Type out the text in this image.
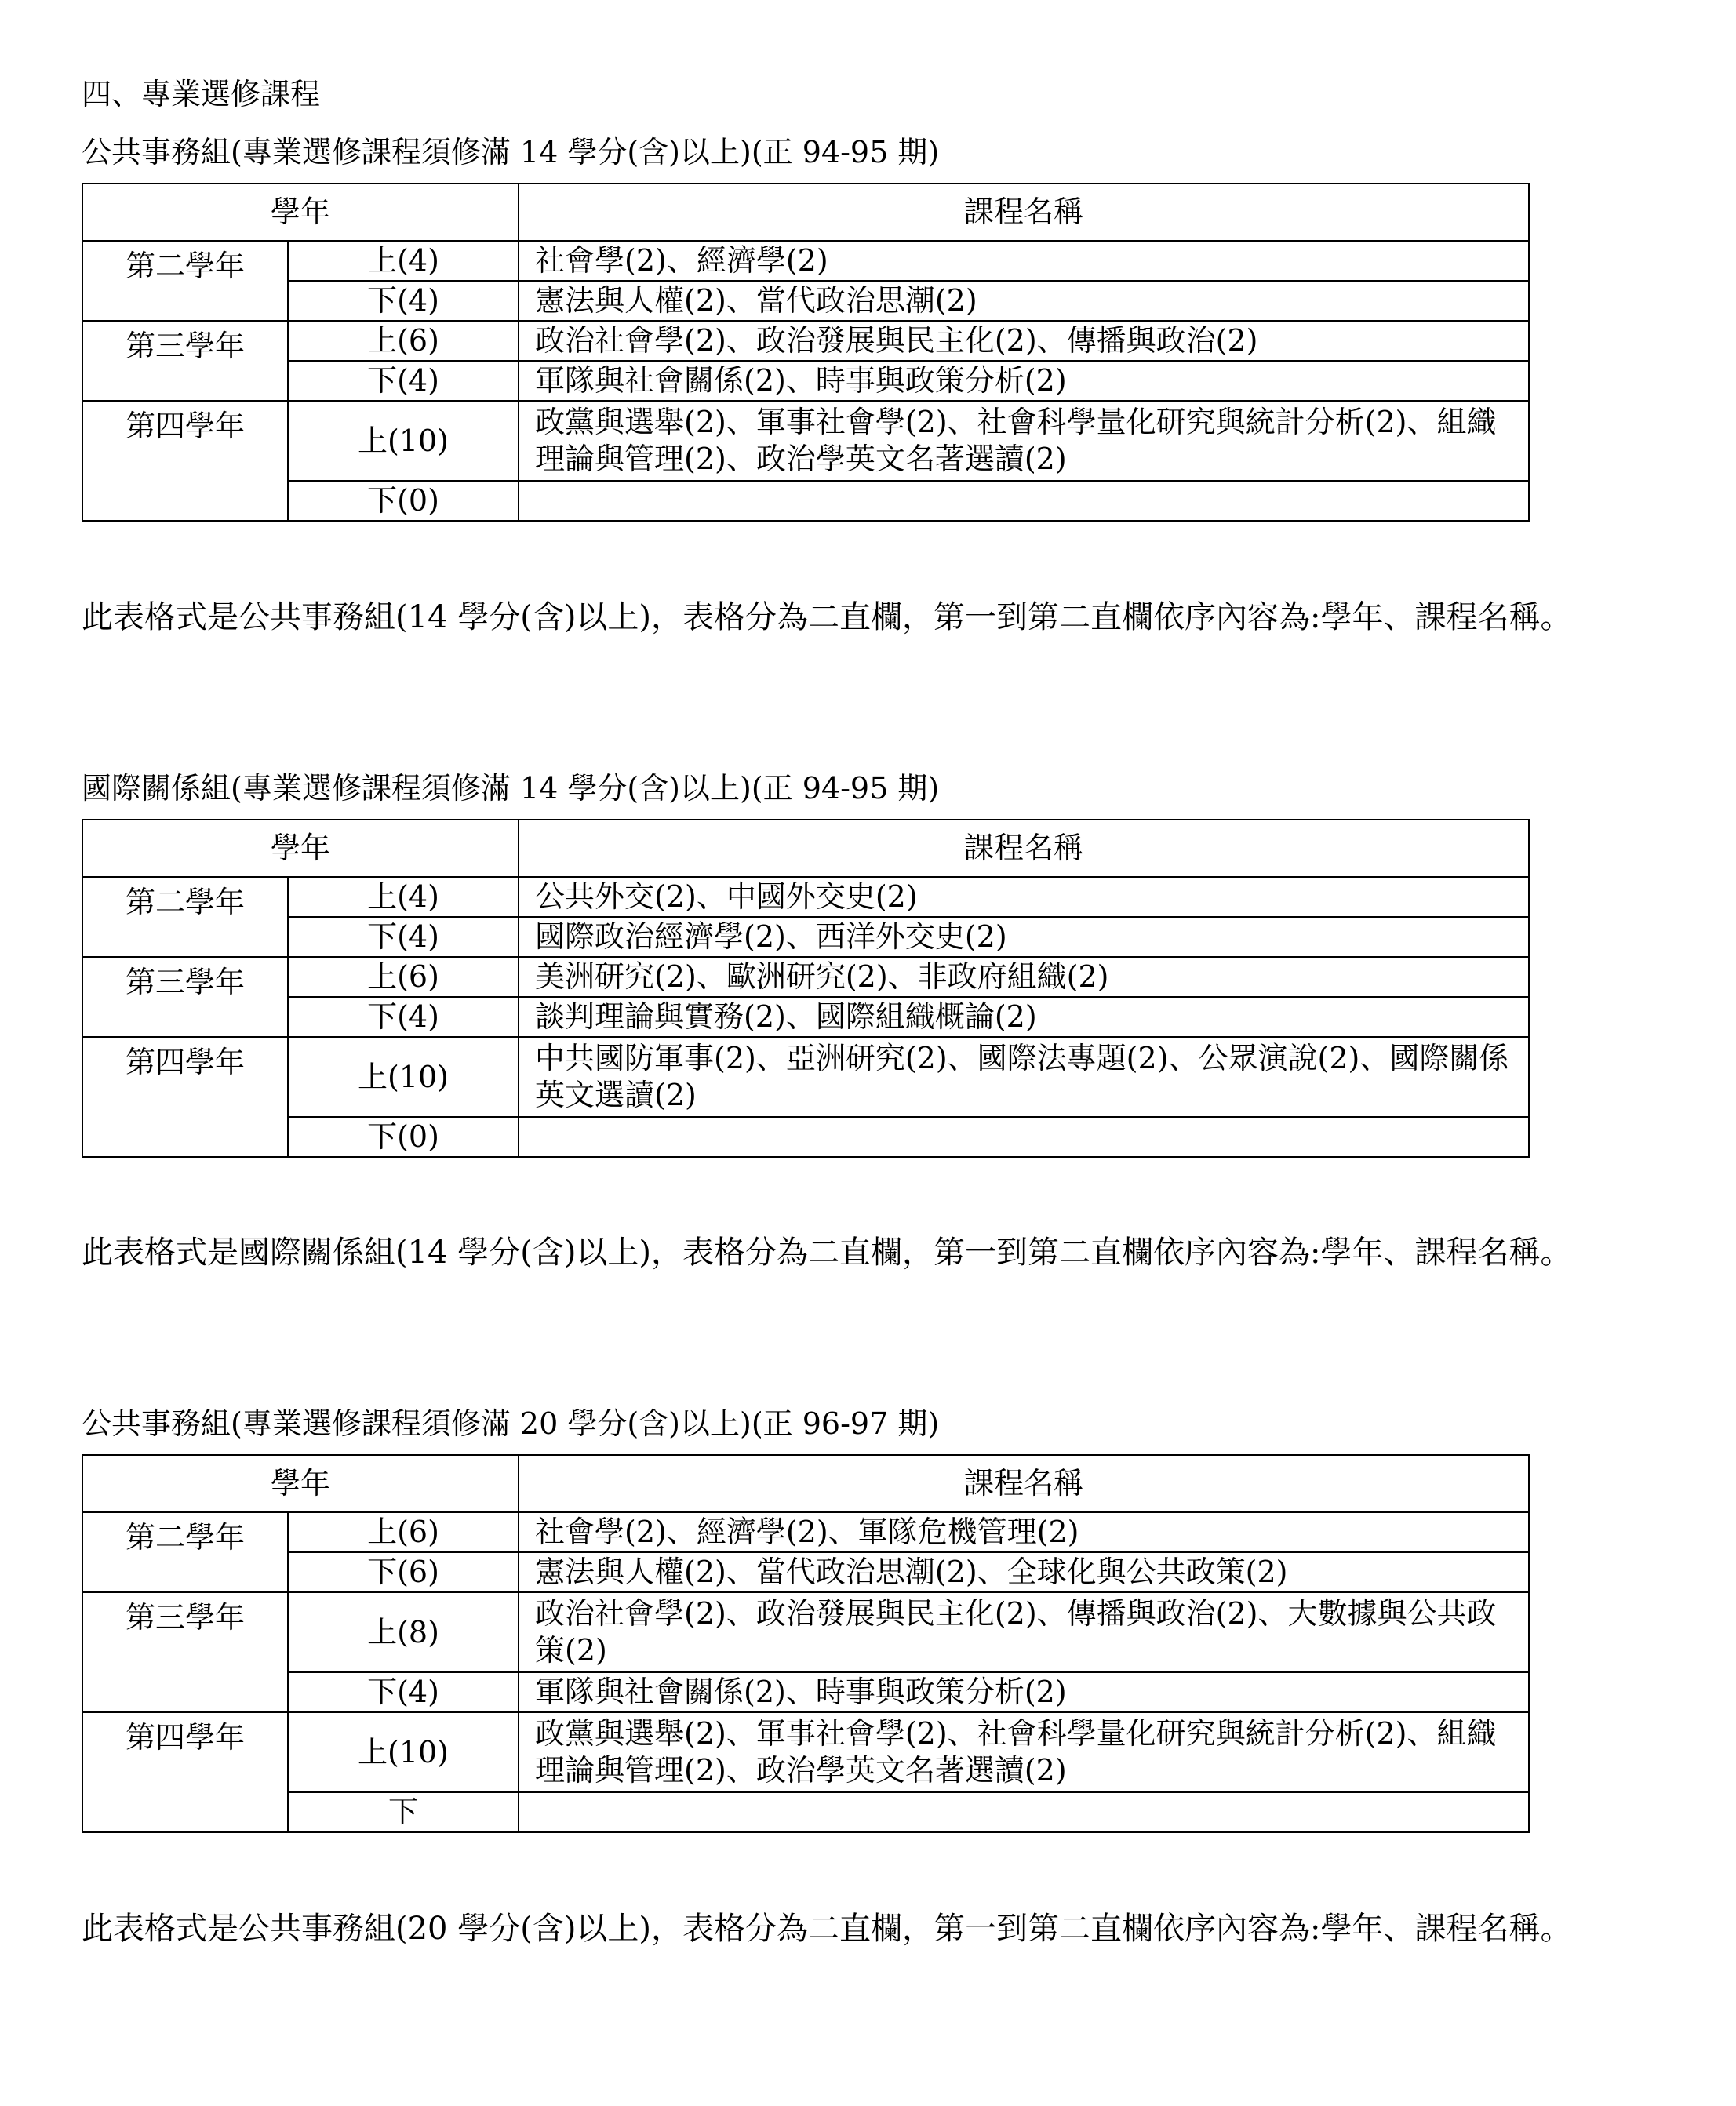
四、專業選修課程
公共事務組(專業選修課程須修滿 14 學分(含)以上)(正 94-95 期)
學年		課程名稱
第二學年	上(4)	社會學(2)、經濟學(2)
	下(4)	憲法與人權(2)、當代政治思潮(2)
第三學年	上(6)	政治社會學(2)、政治發展與民主化(2)、傳播與政治(2)
	下(4)	軍隊與社會關係(2)、時事與政策分析(2)
第四學年	上(10)	政黨與選舉(2)、軍事社會學(2)、社會科學量化研究與統計分析(2)、組織理論與管理(2)、政治學英文名著選讀(2)
	下(0)	
此表格式是公共事務組(14 學分(含)以上)，表格分為二直欄，第一到第二直欄依序內容為:學年、課程名稱。
國際關係組(專業選修課程須修滿 14 學分(含)以上)(正 94-95 期)
學年		課程名稱
第二學年	上(4)	公共外交(2)、中國外交史(2)
	下(4)	國際政治經濟學(2)、西洋外交史(2)
第三學年	上(6)	美洲研究(2)、歐洲研究(2)、非政府組織(2)
	下(4)	談判理論與實務(2)、國際組織概論(2)
第四學年	上(10)	中共國防軍事(2)、亞洲研究(2)、國際法專題(2)、公眾演說(2)、國際關係英文選讀(2)
	下(0)	
此表格式是國際關係組(14 學分(含)以上)，表格分為二直欄，第一到第二直欄依序內容為:學年、課程名稱。
公共事務組(專業選修課程須修滿 20 學分(含)以上)(正 96-97 期)
學年		課程名稱
第二學年	上(6)	社會學(2)、經濟學(2)、軍隊危機管理(2)
	下(6)	憲法與人權(2)、當代政治思潮(2)、全球化與公共政策(2)
第三學年	上(8)	政治社會學(2)、政治發展與民主化(2)、傳播與政治(2)、大數據與公共政策(2)
	下(4)	軍隊與社會關係(2)、時事與政策分析(2)
第四學年	上(10)	政黨與選舉(2)、軍事社會學(2)、社會科學量化研究與統計分析(2)、組織理論與管理(2)、政治學英文名著選讀(2)
	下	
此表格式是公共事務組(20 學分(含)以上)，表格分為二直欄，第一到第二直欄依序內容為:學年、課程名稱。
